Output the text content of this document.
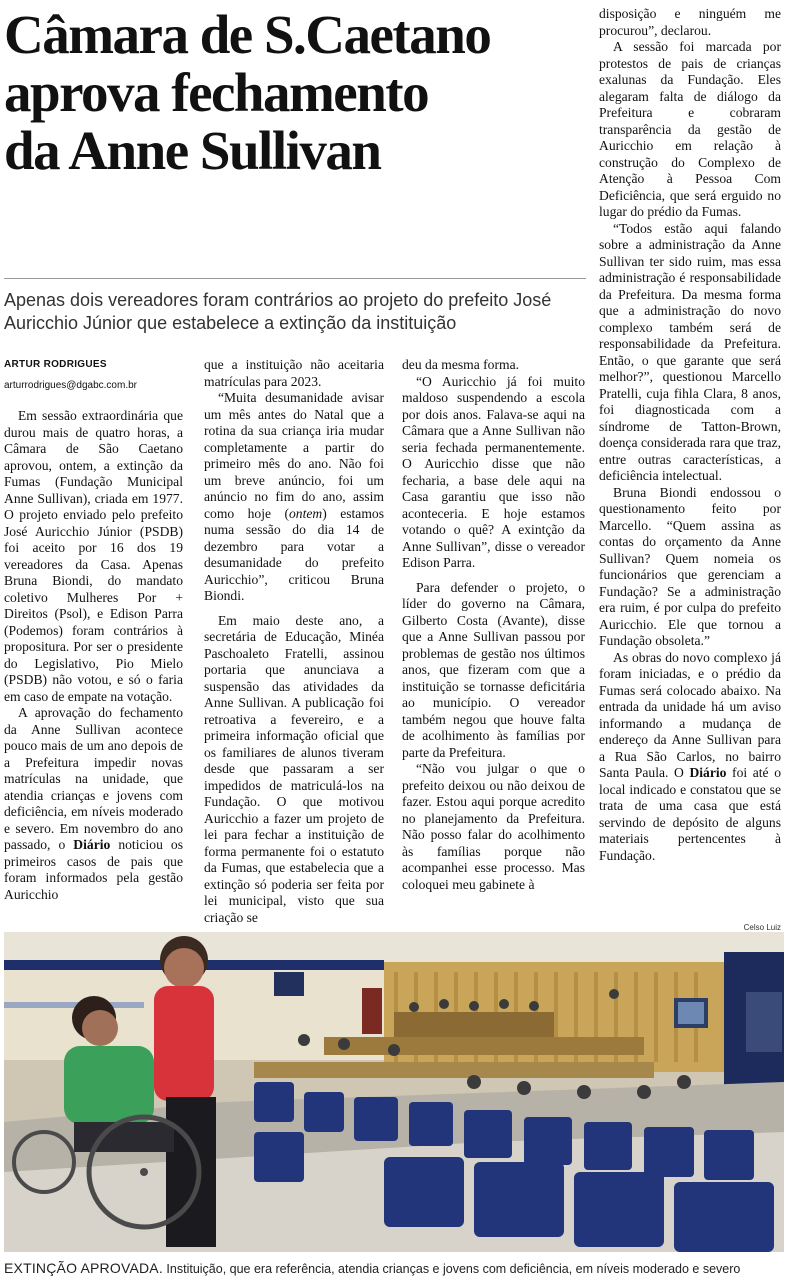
Câmara de S.Caetano
aprova fechamento
da Anne Sullivan

Apenas dois vereadores foram contrários ao projeto do prefeito José Auricchio Júnior que estabelece a extinção da instituição

ARTUR RODRIGUES
arturrodrigues@dgabc.com.br

Em sessão extraordinária que durou mais de quatro horas, a Câmara de São Caetano aprovou, ontem, a extinção da Fumas (Fundação Municipal Anne Sullivan), criada em 1977. O projeto enviado pelo prefeito José Auricchio Júnior (PSDB) foi aceito por 16 dos 19 vereadores da Casa. Apenas Bruna Biondi, do mandato coletivo Mulheres Por + Direitos (Psol), e Edison Parra (Podemos) foram contrários à propositura. Por ser o presidente do Legislativo, Pio Mielo (PSDB) não votou, e só o faria em caso de empate na votação.

A aprovação do fechamento da Anne Sullivan acontece pouco mais de um ano depois de a Prefeitura impedir novas matrículas na unidade, que atendia crianças e jovens com deficiência, em níveis moderado e severo. Em novembro do ano passado, o Diário noticiou os primeiros casos de pais que foram informados pela gestão Auricchio

que a instituição não aceitaria matrículas para 2023.

“Muita desumanidade avisar um mês antes do Natal que a rotina da sua criança iria mudar completamente a partir do primeiro mês do ano. Não foi um breve anúncio, foi um anúncio no fim do ano, assim como hoje (ontem) estamos numa sessão do dia 14 de dezembro para votar a desumanidade do prefeito Auricchio”, criticou Bruna Biondi.

Em maio deste ano, a secretária de Educação, Minéa Paschoaleto Fratelli, assinou portaria que anunciava a suspensão das atividades da Anne Sullivan. A publicação foi retroativa a fevereiro, e a primeira informação oficial que os familiares de alunos tiveram desde que passaram a ser impedidos de matriculá-los na Fundação. O que motivou Auricchio a fazer um projeto de lei para fechar a instituição de forma permanente foi o estatuto da Fumas, que estabelecia que a extinção só poderia ser feita por lei municipal, visto que sua criação se

deu da mesma forma.

“O Auricchio já foi muito maldoso suspendendo a escola por dois anos. Falava-se aqui na Câmara que a Anne Sullivan não seria fechada permanentemente. O Auricchio disse que não fecharia, a base dele aqui na Casa garantiu que isso não aconteceria. E hoje estamos votando o quê? A exintção da Anne Sullivan”, disse o vereador Edison Parra.

Para defender o projeto, o líder do governo na Câmara, Gilberto Costa (Avante), disse que a Anne Sullivan passou por problemas de gestão nos últimos anos, que fizeram com que a instituição se tornasse deficitária ao município. O vereador também negou que houve falta de acolhimento às famílias por parte da Prefeitura.

“Não vou julgar o que o prefeito deixou ou não deixou de fazer. Estou aqui porque acredito no planejamento da Prefeitura. Não posso falar do acolhimento às famílias porque não acompanhei esse processo. Mas coloquei meu gabinete à

disposição e ninguém me procurou”, declarou.

A sessão foi marcada por protestos de pais de crianças exalunas da Fundação. Eles alegaram falta de diálogo da Prefeitura e cobraram transparência da gestão de Auricchio em relação à construção do Complexo de Atenção à Pessoa Com Deficiência, que será erguido no lugar do prédio da Fumas.

“Todos estão aqui falando sobre a administração da Anne Sullivan ter sido ruim, mas essa administração é responsabilidade da Prefeitura. Da mesma forma que a administração do novo complexo também será de responsabilidade da Prefeitura. Então, o que garante que será melhor?”, questionou Marcello Pratelli, cuja fihla Clara, 8 anos, foi diagnosticada com a síndrome de Tatton-Brown, doença considerada rara que traz, entre outras características, a deficiência intelectual.

Bruna Biondi endossou o questionamento feito por Marcello. “Quem assina as contas do orçamento da Anne Sullivan? Quem nomeia os funcionários que gerenciam a Fundação? Se a administração era ruim, é por culpa do prefeito Auricchio. Ele que tornou a Fundação obsoleta.”

As obras do novo complexo já foram iniciadas, e o prédio da Fumas será colocado abaixo. Na entrada da unidade há um aviso informando a mudança de endereço da Anne Sullivan para a Rua São Carlos, no bairro Santa Paula. O Diário foi até o local indicado e constatou que se trata de uma casa que está servindo de depósito de alguns materiais pertencentes à Fundação.

Celso Luiz
EXTINÇÃO APROVADA. Instituição, que era referência, atendia crianças e jovens com deficiência, em níveis moderado e severo
